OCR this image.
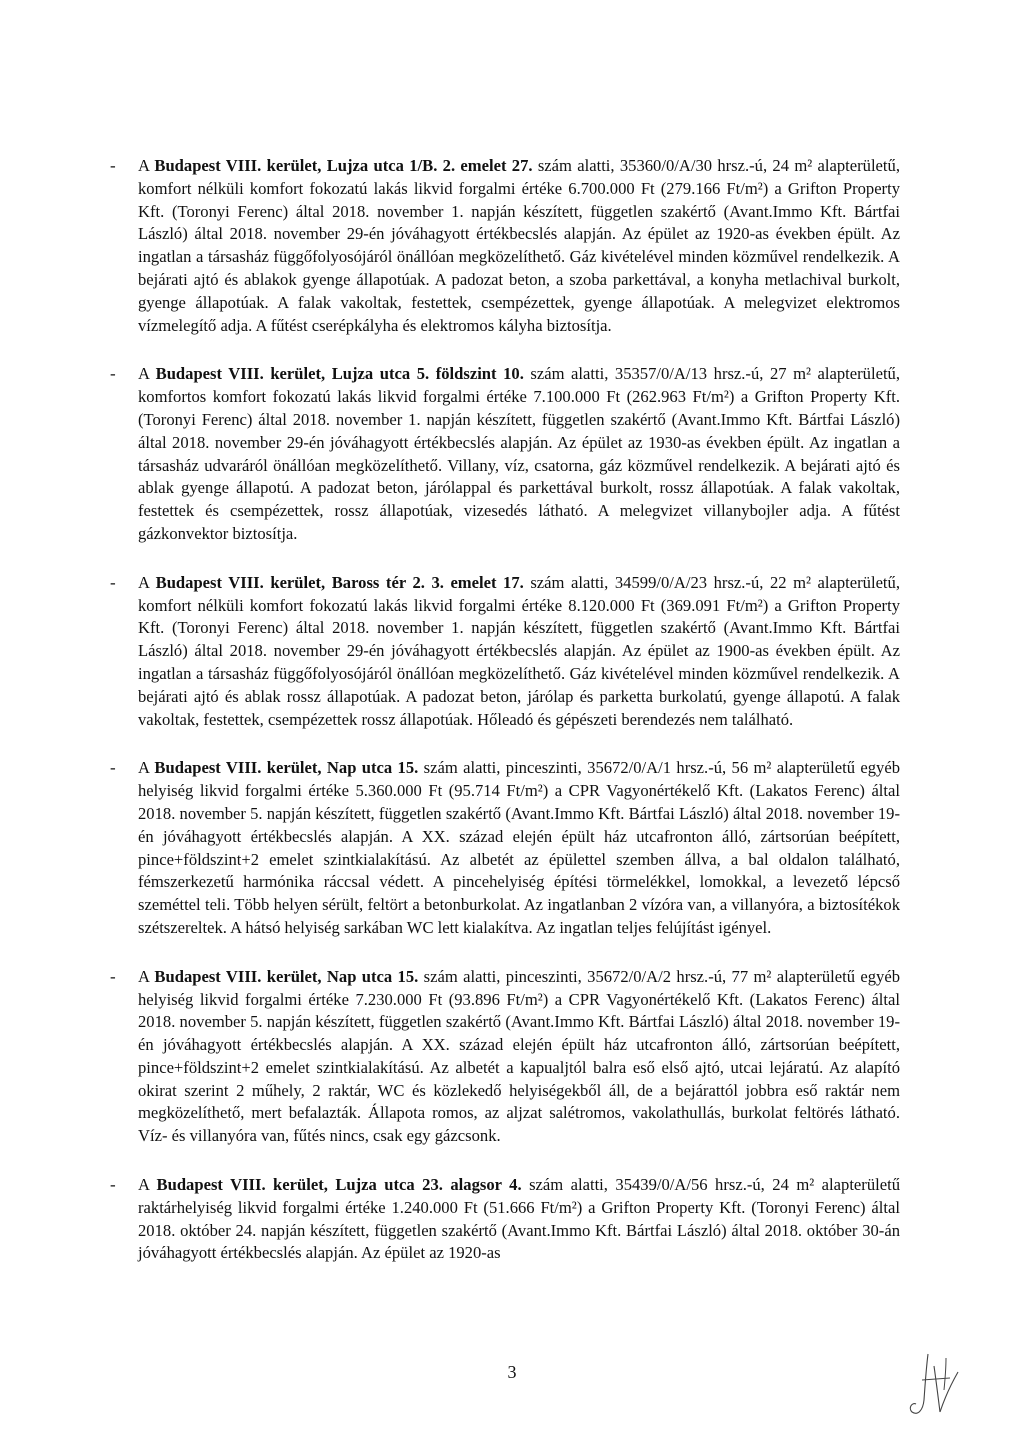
- A Budapest VIII. kerület, Lujza utca 1/B. 2. emelet 27. szám alatti, 35360/0/A/30 hrsz.-ú, 24 m² alapterületű, komfort nélküli komfort fokozatú lakás likvid forgalmi értéke 6.700.000 Ft (279.166 Ft/m²) a Grifton Property Kft. (Toronyi Ferenc) által 2018. november 1. napján készített, független szakértő (Avant.Immo Kft. Bártfai László) által 2018. november 29-én jóváhagyott értékbecslés alapján. Az épület az 1920-as években épült. Az ingatlan a társasház függőfolyosójáról önállóan megközelíthető. Gáz kivételével minden közművel rendelkezik. A bejárati ajtó és ablakok gyenge állapotúak. A padozat beton, a szoba parkettával, a konyha metlachival burkolt, gyenge állapotúak. A falak vakoltak, festettek, csempézettek, gyenge állapotúak. A melegvizet elektromos vízmelegítő adja. A fűtést cserépkályha és elektromos kályha biztosítja.
- A Budapest VIII. kerület, Lujza utca 5. földszint 10. szám alatti, 35357/0/A/13 hrsz.-ú, 27 m² alapterületű, komfortos komfort fokozatú lakás likvid forgalmi értéke 7.100.000 Ft (262.963 Ft/m²) a Grifton Property Kft. (Toronyi Ferenc) által 2018. november 1. napján készített, független szakértő (Avant.Immo Kft. Bártfai László) által 2018. november 29-én jóváhagyott értékbecslés alapján. Az épület az 1930-as években épült. Az ingatlan a társasház udvaráról önállóan megközelíthető. Villany, víz, csatorna, gáz közművel rendelkezik. A bejárati ajtó és ablak gyenge állapotú. A padozat beton, járólappal és parkettával burkolt, rossz állapotúak. A falak vakoltak, festettek és csempézettek, rossz állapotúak, vizesedés látható. A melegvizet villanybojler adja. A fűtést gázkonvektor biztosítja.
- A Budapest VIII. kerület, Baross tér 2. 3. emelet 17. szám alatti, 34599/0/A/23 hrsz.-ú, 22 m² alapterületű, komfort nélküli komfort fokozatú lakás likvid forgalmi értéke 8.120.000 Ft (369.091 Ft/m²) a Grifton Property Kft. (Toronyi Ferenc) által 2018. november 1. napján készített, független szakértő (Avant.Immo Kft. Bártfai László) által 2018. november 29-én jóváhagyott értékbecslés alapján. Az épület az 1900-as években épült. Az ingatlan a társasház függőfolyosójáról önállóan megközelíthető. Gáz kivételével minden közművel rendelkezik. A bejárati ajtó és ablak rossz állapotúak. A padozat beton, járólap és parketta burkolatú, gyenge állapotú. A falak vakoltak, festettek, csempézettek rossz állapotúak. Hőleadó és gépészeti berendezés nem található.
- A Budapest VIII. kerület, Nap utca 15. szám alatti, pinceszinti, 35672/0/A/1 hrsz.-ú, 56 m² alapterületű egyéb helyiség likvid forgalmi értéke 5.360.000 Ft (95.714 Ft/m²) a CPR Vagyonértékelő Kft. (Lakatos Ferenc) által 2018. november 5. napján készített, független szakértő (Avant.Immo Kft. Bártfai László) által 2018. november 19-én jóváhagyott értékbecslés alapján. A XX. század elején épült ház utcafronton álló, zártsorúan beépített, pince+földszint+2 emelet szintkialakítású. Az albetét az épülettel szemben állva, a bal oldalon található, fémszerkezetű harmónika ráccsal védett. A pincehelyiség építési törmelékkel, lomokkal, a levezető lépcső szeméttel teli. Több helyen sérült, feltört a betonburkolat. Az ingatlanban 2 vízóra van, a villanyóra, a biztosítékok szétszereltek. A hátsó helyiség sarkában WC lett kialakítva. Az ingatlan teljes felújítást igényel.
- A Budapest VIII. kerület, Nap utca 15. szám alatti, pinceszinti, 35672/0/A/2 hrsz.-ú, 77 m² alapterületű egyéb helyiség likvid forgalmi értéke 7.230.000 Ft (93.896 Ft/m²) a CPR Vagyonértékelő Kft. (Lakatos Ferenc) által 2018. november 5. napján készített, független szakértő (Avant.Immo Kft. Bártfai László) által 2018. november 19-én jóváhagyott értékbecslés alapján. A XX. század elején épült ház utcafronton álló, zártsorúan beépített, pince+földszint+2 emelet szintkialakítású. Az albetét a kapualjtól balra eső első ajtó, utcai lejáratú. Az alapító okirat szerint 2 műhely, 2 raktár, WC és közlekedő helyiségekből áll, de a bejárattól jobbra eső raktár nem megközelíthető, mert befalazták. Állapota romos, az aljzat salétromos, vakolathullás, burkolat feltörés látható. Víz- és villanyóra van, fűtés nincs, csak egy gázcsonk.
- A Budapest VIII. kerület, Lujza utca 23. alagsor 4. szám alatti, 35439/0/A/56 hrsz.-ú, 24 m² alapterületű raktárhelyiség likvid forgalmi értéke 1.240.000 Ft (51.666 Ft/m²) a Grifton Property Kft. (Toronyi Ferenc) által 2018. október 24. napján készített, független szakértő (Avant.Immo Kft. Bártfai László) által 2018. október 30-án jóváhagyott értékbecslés alapján. Az épület az 1920-as
3
